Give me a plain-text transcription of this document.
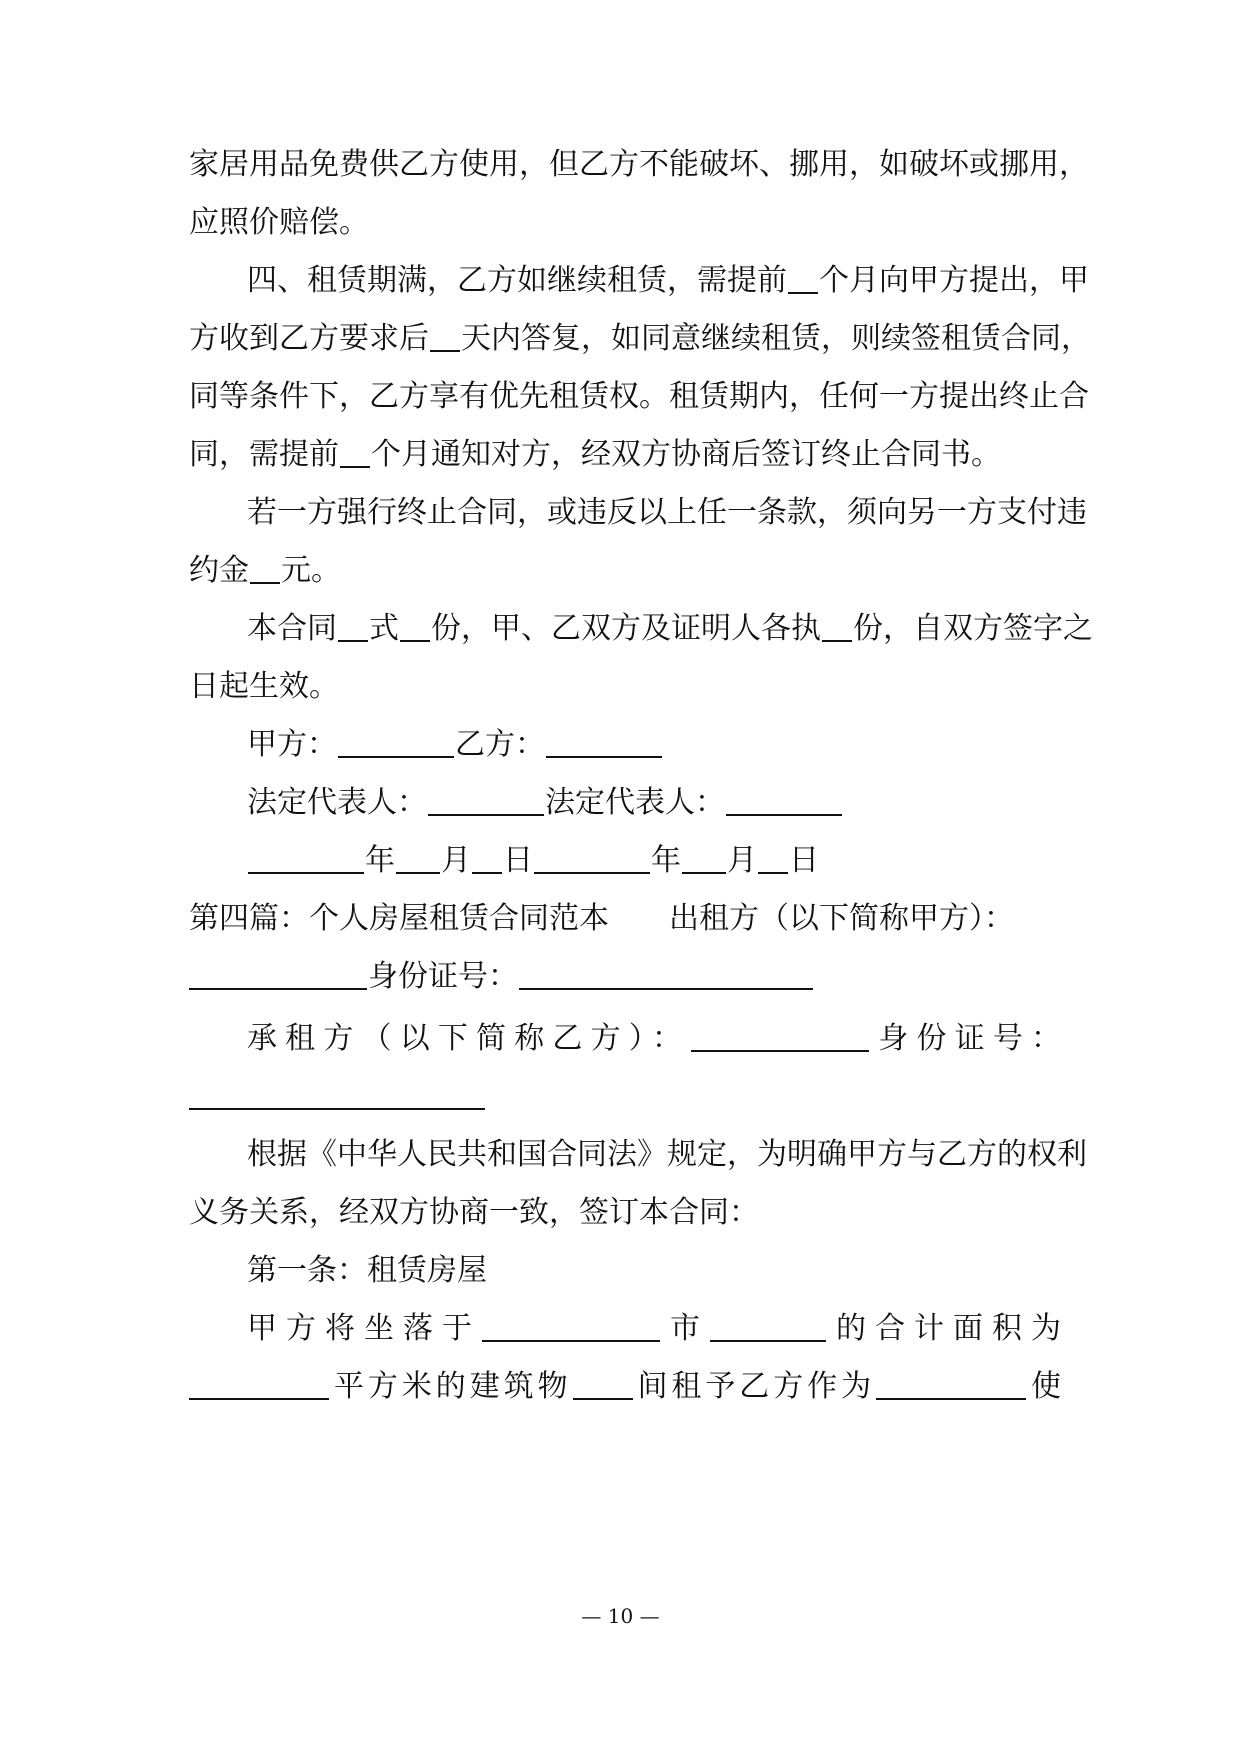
家居用品免费供乙方使用，但乙方不能破坏、挪用，如破坏或挪用，
应照价赔偿。
四、租赁期满，乙方如继续租赁，需提前 个月向甲方提出，甲
方收到乙方要求后 天内答复，如同意继续租赁，则续签租赁合同，
同等条件下，乙方享有优先租赁权。租赁期内，任何一方提出终止合
同，需提前 个月通知对方，经双方协商后签订终止合同书。
若一方强行终止合同，或违反以上任一条款，须向另一方支付违
约金 元。
本合同 式 份，甲、乙双方及证明人各执 份，自双方签字之
日起生效。
甲方：	乙方：
法定代表人：	法定代表人：
年 月 日	年 月 日
第四篇：个人房屋租赁合同范本 出租方（以下简称甲方）：
身份证号：
承租方（以下简称乙方）：	身份证号：
根据《中华人民共和国合同法》规定，为明确甲方与乙方的权利
义务关系，经双方协商一致，签订本合同：
第一条：租赁房屋
甲方将坐落于	市	的合计面积为
平方米的建筑物 间租予乙方作为	使
— 10 —
